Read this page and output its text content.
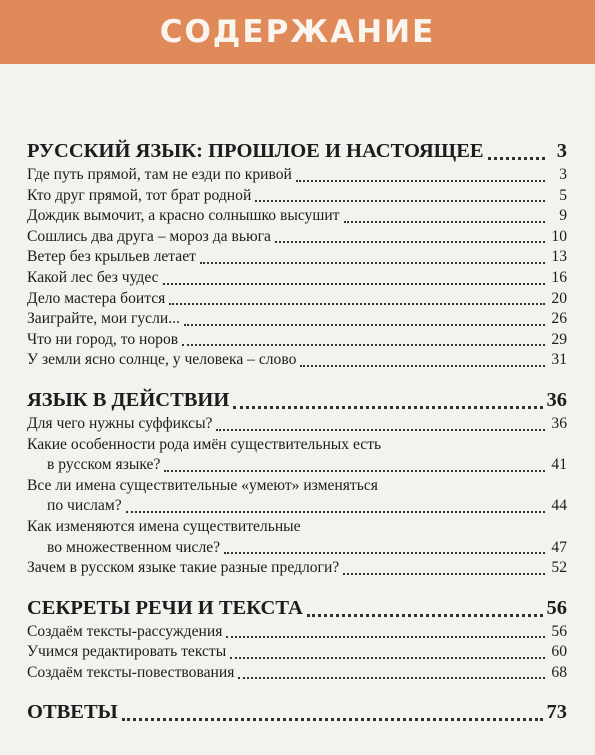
СОДЕРЖАНИЕ
РУССКИЙ ЯЗЫК: ПРОШЛОЕ И НАСТОЯЩЕЕ	3
Где путь прямой, там не езди по кривой	3
Кто друг прямой, тот брат родной	5
Дождик вымочит, а красно солнышко высушит	9
Сошлись два друга – мороз да вьюга	10
Ветер без крыльев летает	13
Какой лес без чудес	16
Дело мастера боится	20
Заиграйте, мои гусли...	26
Что ни город, то норов	29
У земли ясно солнце, у человека – слово	31
ЯЗЫК В ДЕЙСТВИИ	36
Для чего нужны суффиксы?	36
Какие особенности рода имён существительных есть
в русском языке?	41
Все ли имена существительные «умеют» изменяться
по числам?	44
Как изменяются имена существительные
во множественном числе?	47
Зачем в русском языке такие разные предлоги?	52
СЕКРЕТЫ РЕЧИ И ТЕКСТА	56
Создаём тексты-рассуждения	56
Учимся редактировать тексты	60
Создаём тексты-повествования	68
ОТВЕТЫ	73
